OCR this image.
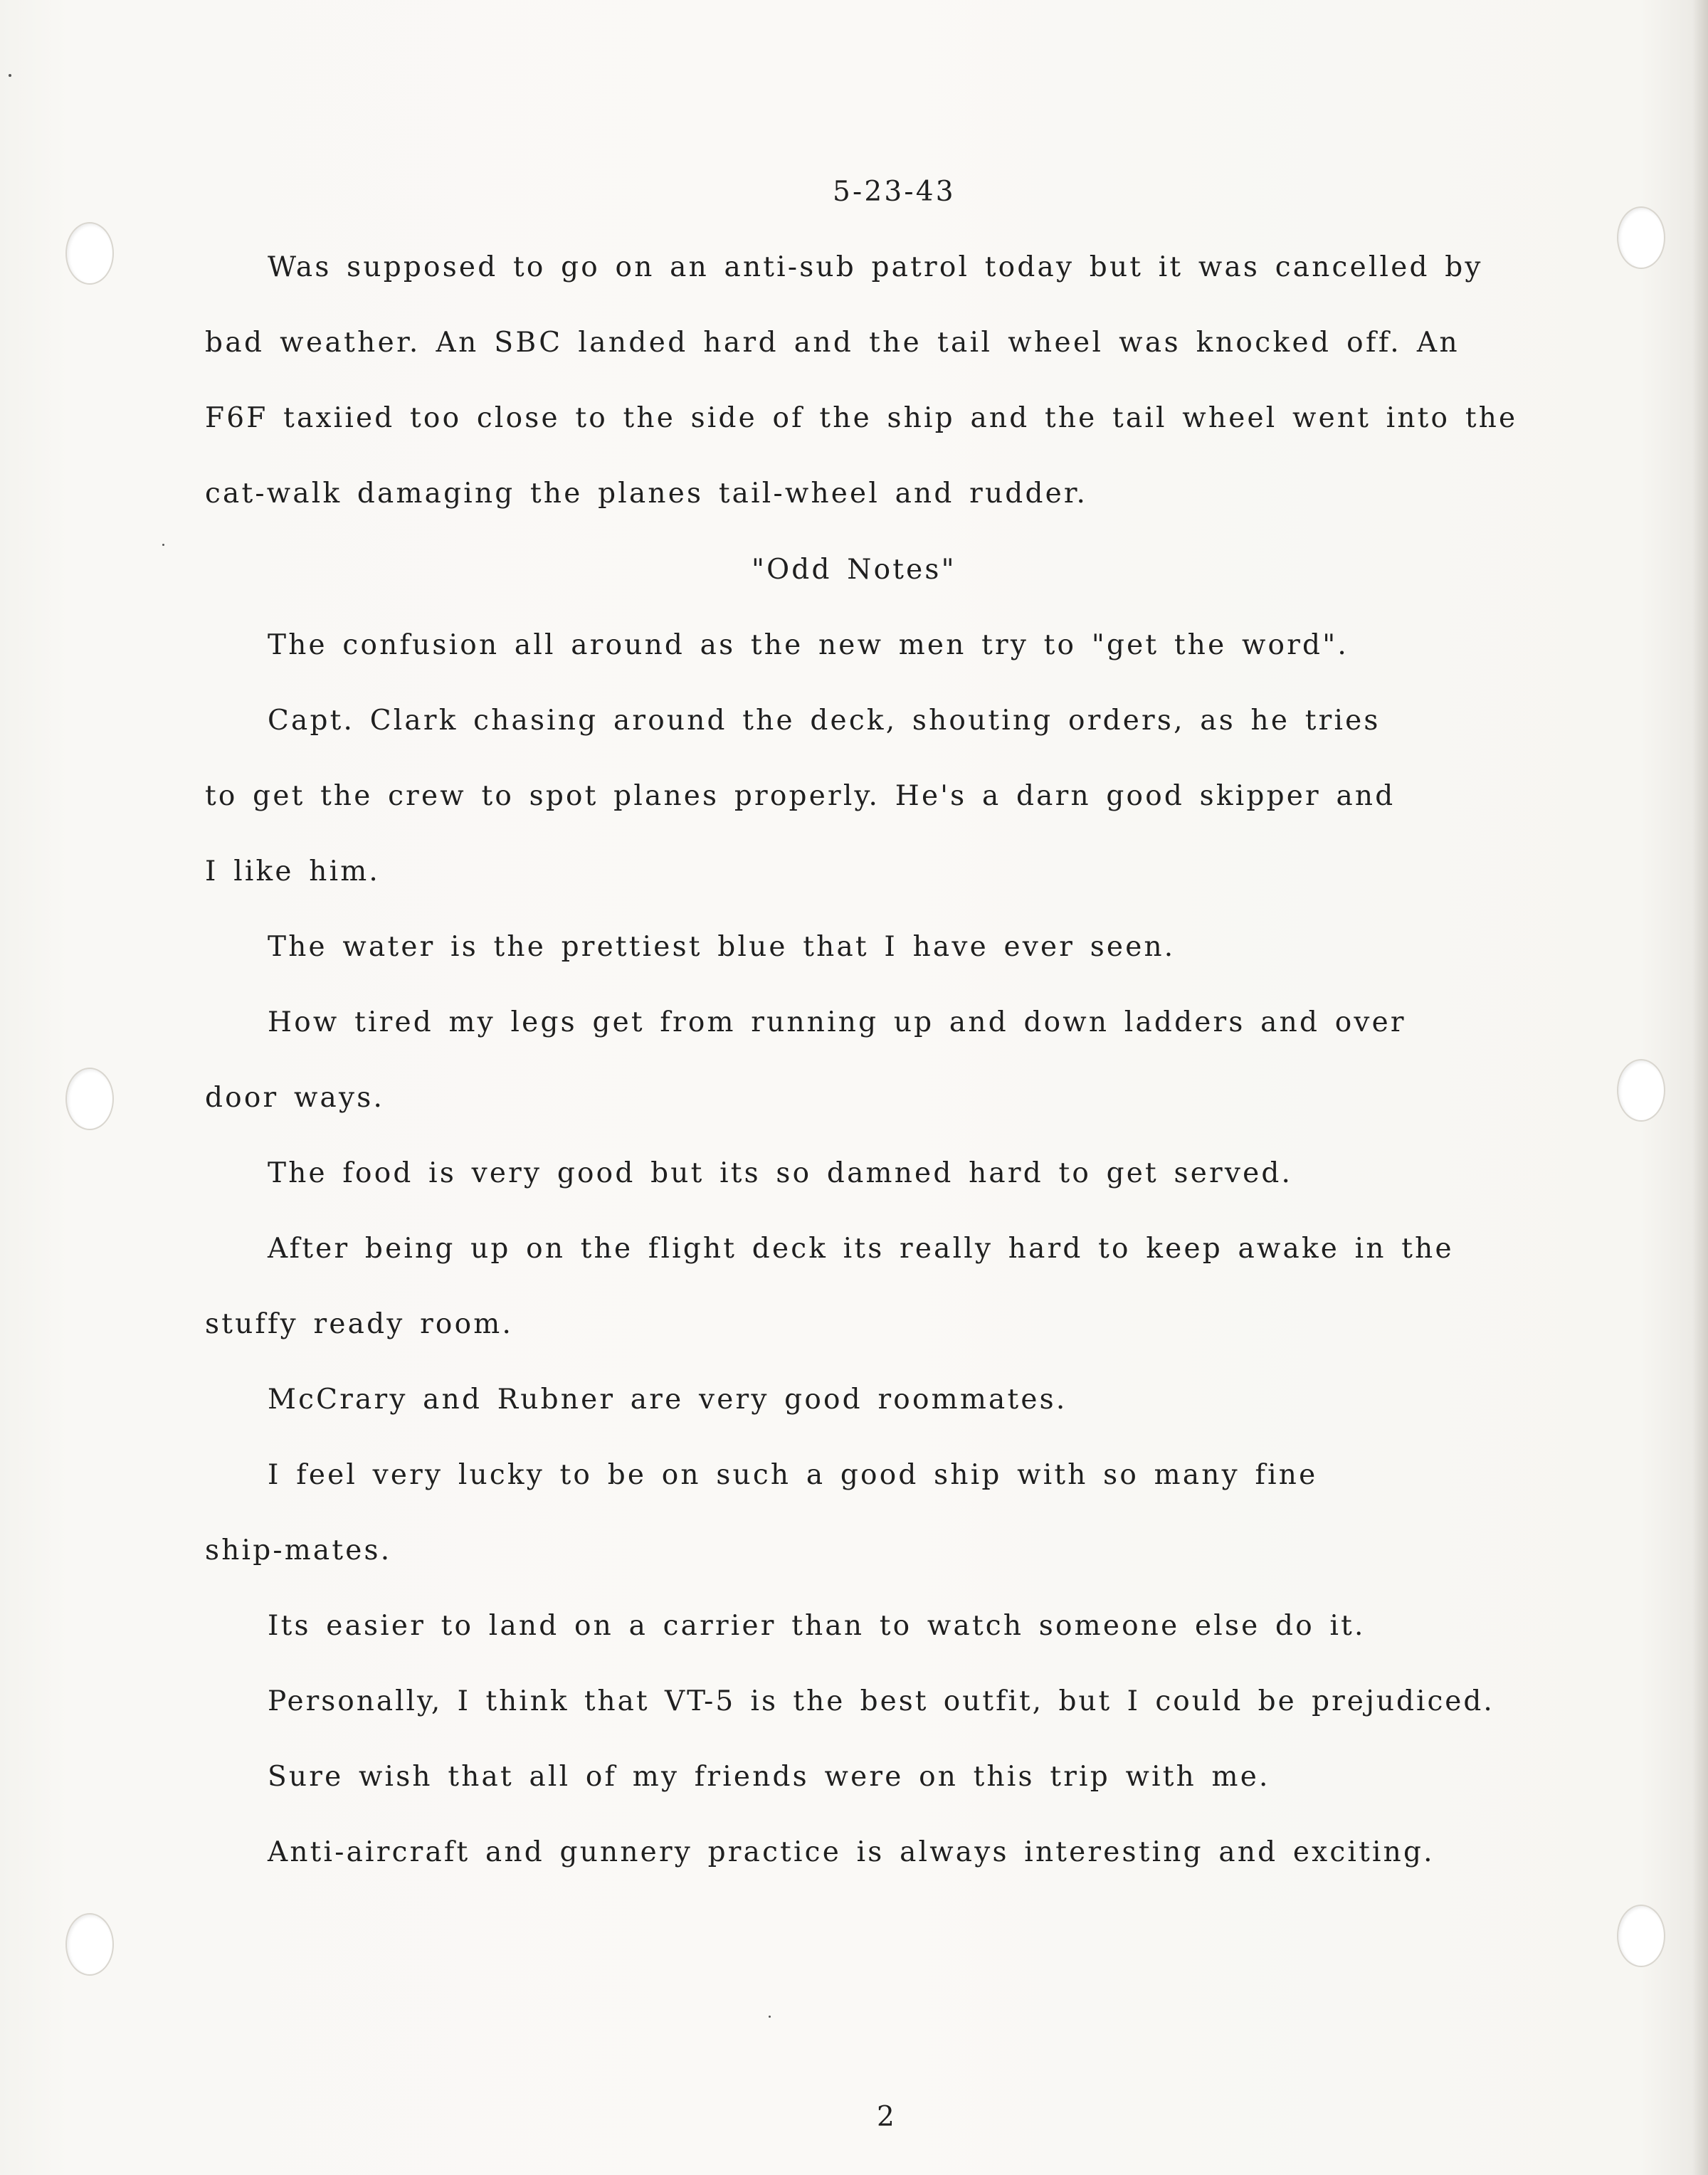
5-23-43
Was supposed to go on an anti-sub patrol today but it was cancelled by
bad weather. An SBC landed hard and the tail wheel was knocked off. An
F6F taxiied too close to the side of the ship and the tail wheel went into the
cat-walk damaging the planes tail-wheel and rudder.
"Odd Notes"
The confusion all around as the new men try to "get the word".
Capt. Clark chasing around the deck, shouting orders, as he tries
to get the crew to spot planes properly. He's a darn good skipper and
I like him.
The water is the prettiest blue that I have ever seen.
How tired my legs get from running up and down ladders and over
door ways.
The food is very good but its so damned hard to get served.
After being up on the flight deck its really hard to keep awake in the
stuffy ready room.
McCrary and Rubner are very good roommates.
I feel very lucky to be on such a good ship with so many fine
ship-mates.
Its easier to land on a carrier than to watch someone else do it.
Personally, I think that VT-5 is the best outfit, but I could be prejudiced.
Sure wish that all of my friends were on this trip with me.
Anti-aircraft and gunnery practice is always interesting and exciting.
2
